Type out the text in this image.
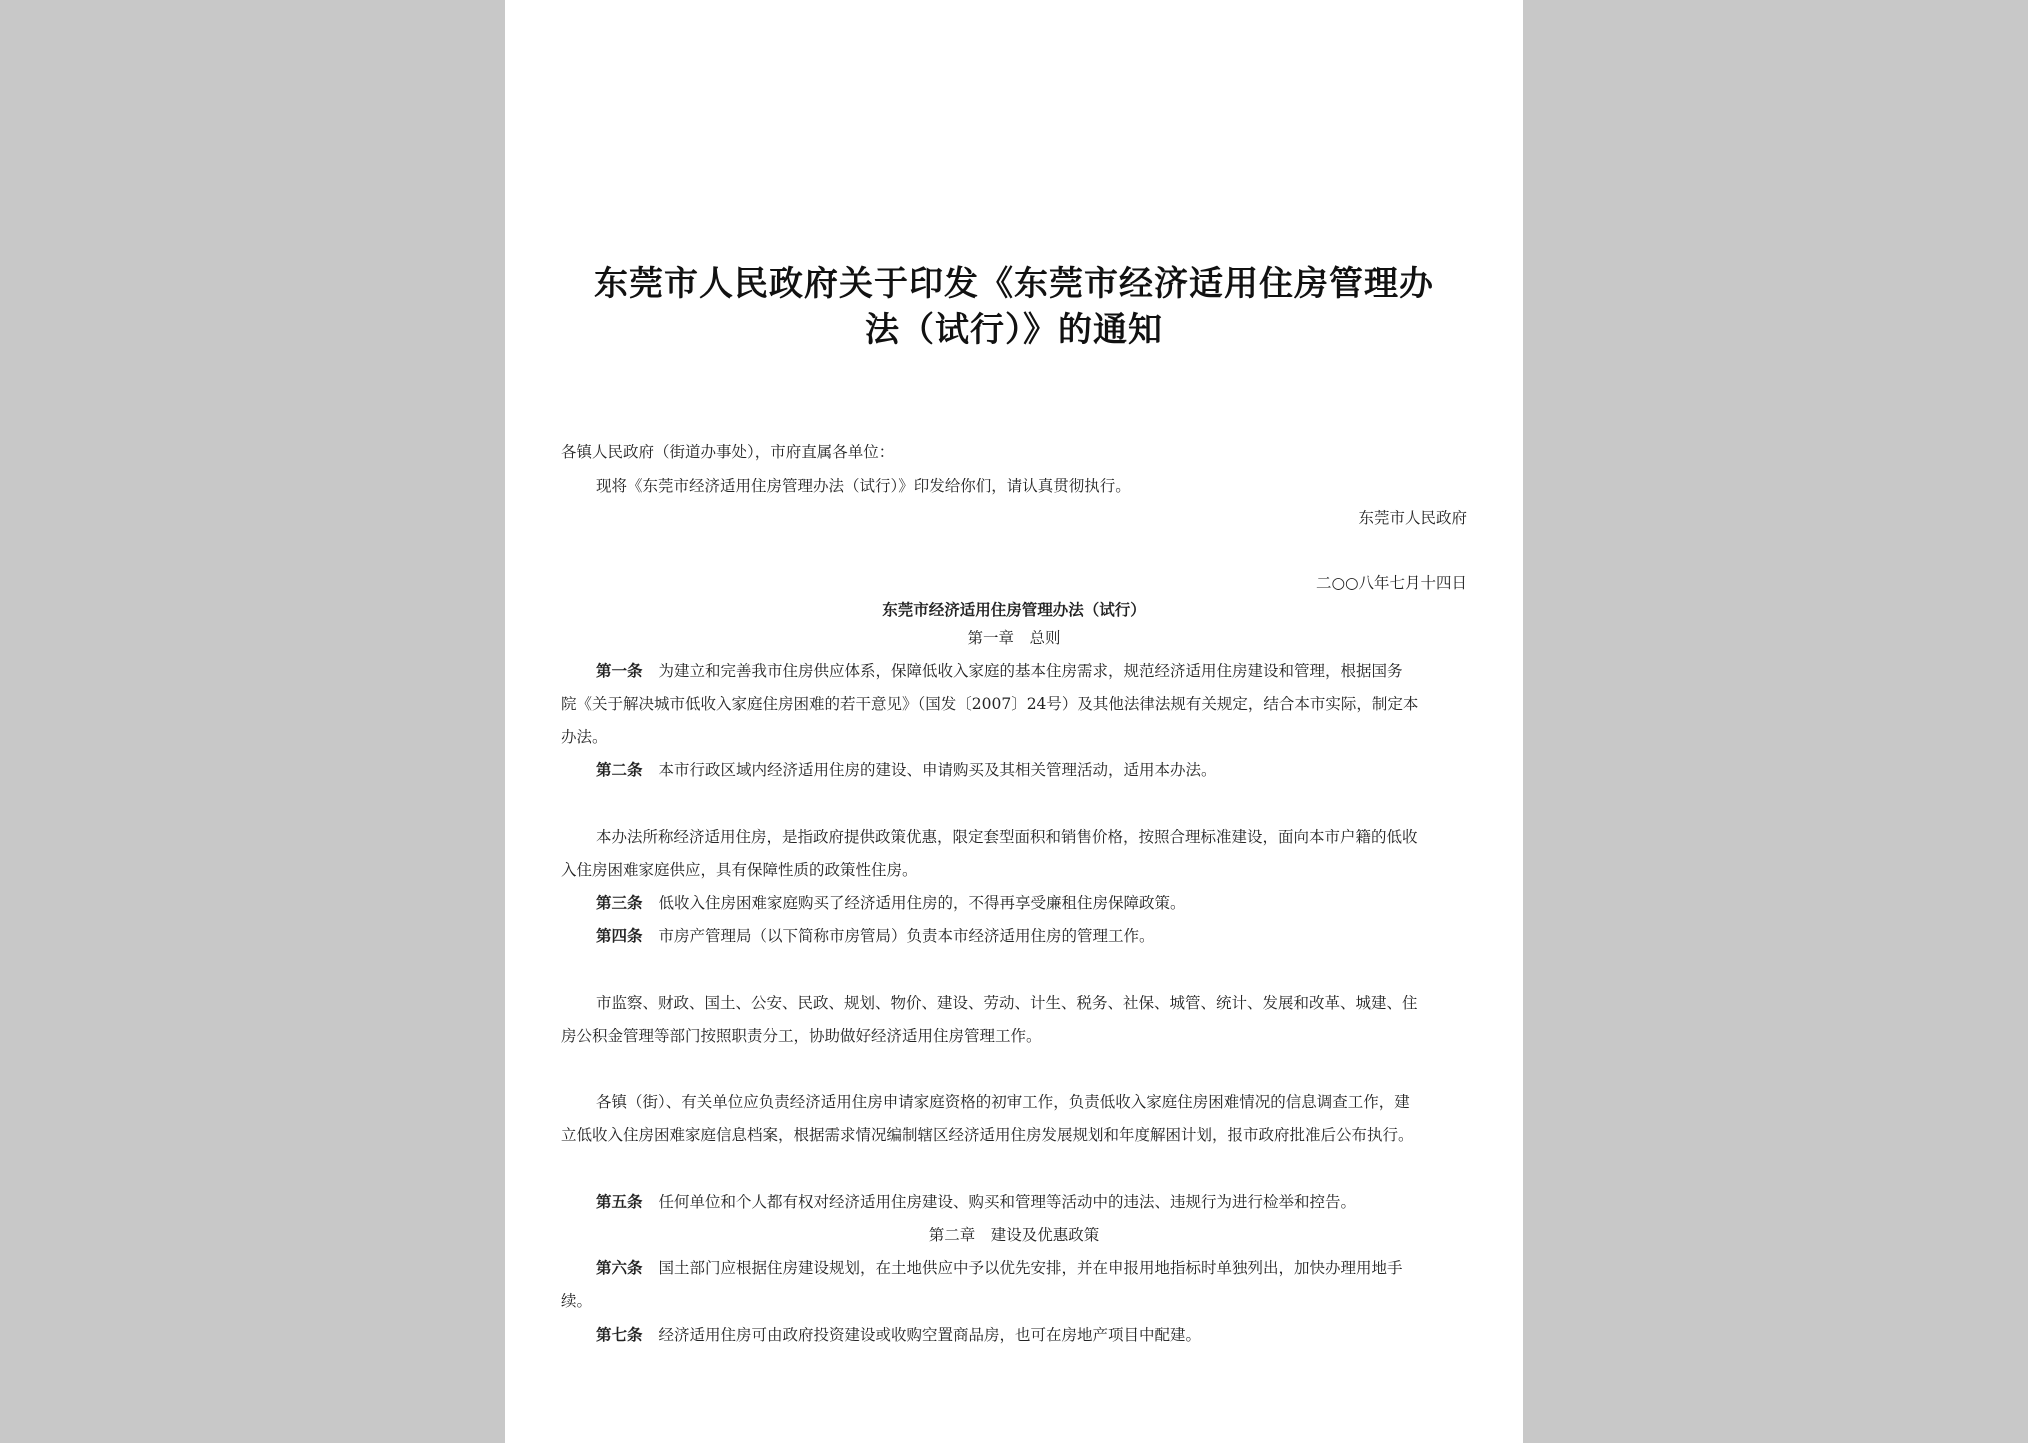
东莞市人民政府关于印发《东莞市经济适用住房管理办
法（试行）》的通知
各镇人民政府（街道办事处），市府直属各单位：
现将《东莞市经济适用住房管理办法（试行）》印发给你们，请认真贯彻执行。
东莞市人民政府
二○○八年七月十四日
东莞市经济适用住房管理办法（试行）
第一章　总则
第一条 为建立和完善我市住房供应体系，保障低收入家庭的基本住房需求，规范经济适用住房建设和管理，根据国务
院《关于解决城市低收入家庭住房困难的若干意见》（国发〔2007〕24号）及其他法律法规有关规定，结合本市实际，制定本
办法。
第二条 本市行政区域内经济适用住房的建设、申请购买及其相关管理活动，适用本办法。
本办法所称经济适用住房，是指政府提供政策优惠，限定套型面积和销售价格，按照合理标准建设，面向本市户籍的低收
入住房困难家庭供应，具有保障性质的政策性住房。
第三条 低收入住房困难家庭购买了经济适用住房的，不得再享受廉租住房保障政策。
第四条 市房产管理局（以下简称市房管局）负责本市经济适用住房的管理工作。
市监察、财政、国土、公安、民政、规划、物价、建设、劳动、计生、税务、社保、城管、统计、发展和改革、城建、住
房公积金管理等部门按照职责分工，协助做好经济适用住房管理工作。
各镇（街）、有关单位应负责经济适用住房申请家庭资格的初审工作，负责低收入家庭住房困难情况的信息调查工作，建
立低收入住房困难家庭信息档案，根据需求情况编制辖区经济适用住房发展规划和年度解困计划，报市政府批准后公布执行。
第五条 任何单位和个人都有权对经济适用住房建设、购买和管理等活动中的违法、违规行为进行检举和控告。
第二章　建设及优惠政策
第六条 国土部门应根据住房建设规划，在土地供应中予以优先安排，并在申报用地指标时单独列出，加快办理用地手
续。
第七条 经济适用住房可由政府投资建设或收购空置商品房，也可在房地产项目中配建。
